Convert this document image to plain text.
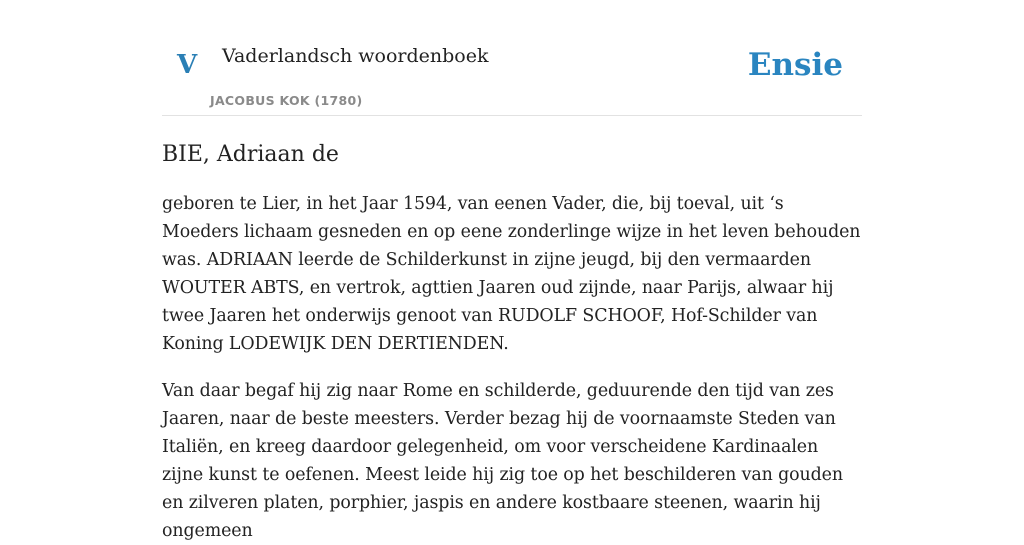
V Vaderlandsch woordenboek
JACOBUS KOK (1780)
Ensie
BIE, Adriaan de

geboren te Lier, in het Jaar 1594, van eenen Vader, die, bij toeval, uit ‘s Moeders lichaam gesneden en op eene zonderlinge wijze in het leven behouden was. ADRIAAN leerde de Schilderkunst in zijne jeugd, bij den vermaarden WOUTER ABTS, en vertrok, agttien Jaaren oud zijnde, naar Parijs, alwaar hij twee Jaaren het onderwijs genoot van RUDOLF SCHOOF, Hof-Schilder van Koning LODEWIJK DEN DERTIENDEN.

Van daar begaf hij zig naar Rome en schilderde, geduurende den tijd van zes Jaaren, naar de beste meesters. Verder bezag hij de voornaamste Steden van Italiën, en kreeg daardoor gelegenheid, om voor verscheidene Kardinaalen zijne kunst te oefenen. Meest leide hij zig toe op het beschilderen van gouden en zilveren platen, porphier, jaspis en andere kostbaare steenen, waarin hij ongemeen
